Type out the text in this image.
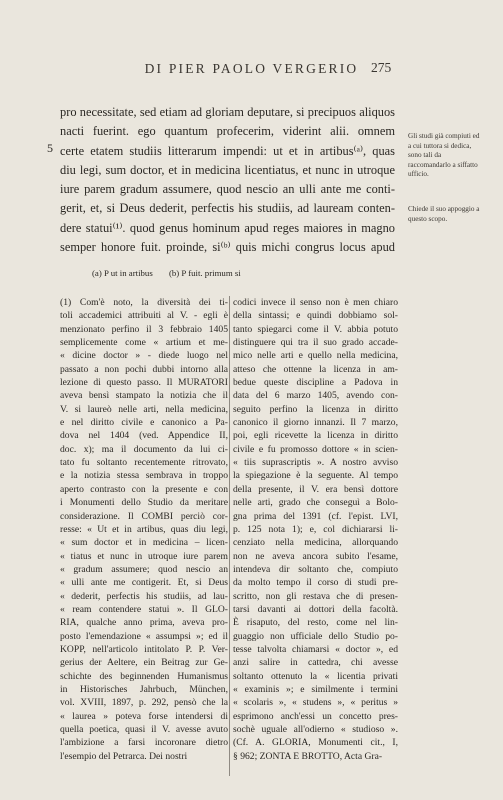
DI PIER PAOLO VERGERIO 275
5
pro necessitate, sed etiam ad gloriam deputare, si precipuos aliquos
nacti fuerint. ego quantum profecerim, viderint alii. omnem
certe etatem studiis litterarum impendi: ut et in artibus⁽ᵃ⁾, quas
diu legi, sum doctor, et in medicina licentiatus, et nunc in utroque
iure parem gradum assumere, quod nescio an ulli ante me conti-
gerit, et, si Deus dederit, perfectis his studiis, ad lauream conten-
dere statui⁽¹⁾. quod genus hominum apud reges maiores in magno
semper honore fuit. proinde, si⁽ᵇ⁾ quis michi congrus locus apud
Gli studi già compiuti ed a cui tuttora si dedica, sono tali da raccomandarlo a siffatto ufficio.
Chiede il suo appoggio a questo scopo.
(a) P ut in artibus (b) P fuit. primum si
(1) Com'è noto, la diversità dei ti-
toli accademici attribuiti al V. - egli è
menzionato perfino il 3 febbraio 1405
semplicemente come « artium et me-
« dicine doctor » - diede luogo nel
passato a non pochi dubbi intorno alla
lezione di questo passo. Il MURATORI
aveva bensì stampato la notizia che il
V. si laureò nelle arti, nella medicina,
e nel diritto civile e canonico a Pa-
dova nel 1404 (ved. Appendice II,
doc. x); ma il documento da lui ci-
tato fu soltanto recentemente ritrovato,
e la notizia stessa sembrava in troppo
aperto contrasto con la presente e con
i Monumenti dello Studio da meritare
considerazione. Il COMBI perciò cor-
resse: « Ut et in artibus, quas diu legi,
« sum doctor et in medicina – licen-
« tiatus et nunc in utroque iure parem
« gradum assumere; quod nescio an
« ulli ante me contigerit. Et, si Deus
« dederit, perfectis his studiis, ad lau-
« ream contendere statui ». Il GLO-
RIA, qualche anno prima, aveva pro-
posto l'emendazione « assumpsi »; ed il
KOPP, nell'articolo intitolato P. P. Ver-
gerius der Aeltere, ein Beitrag zur Ge-
schichte des beginnenden Humanismus
in Historisches Jahrbuch, München,
vol. XVIII, 1897, p. 292, pensò che la
« laurea » poteva forse intendersi di
quella poetica, quasi il V. avesse avuto
l'ambizione a farsi incoronare dietro
l'esempio del Petrarca. Dei nostri
codici invece il senso non è men chiaro
della sintassi; e quindi dobbiamo sol-
tanto spiegarci come il V. abbia potuto
distinguere qui tra il suo grado accade-
mico nelle arti e quello nella medicina,
atteso che ottenne la licenza in am-
bedue queste discipline a Padova in
data del 6 marzo 1405, avendo con-
seguito perfino la licenza in diritto
canonico il giorno innanzi. Il 7 marzo,
poi, egli ricevette la licenza in diritto
civile e fu promosso dottore « in scien-
« tiis suprascriptis ». A nostro avviso
la spiegazione è la seguente. Al tempo
della presente, il V. era bensì dottore
nelle arti, grado che conseguì a Bolo-
gna prima del 1391 (cf. l'epist. LVI,
p. 125 nota 1); e, col dichiararsi li-
cenziato nella medicina, allorquando
non ne aveva ancora subito l'esame,
intendeva dir soltanto che, compiuto
da molto tempo il corso di studi pre-
scritto, non gli restava che di presen-
tarsi davanti ai dottori della facoltà.
È risaputo, del resto, come nel lin-
guaggio non ufficiale dello Studio po-
tesse talvolta chiamarsi « doctor », ed
anzi salire in cattedra, chi avesse
soltanto ottenuto la « licentia privati
« examinis »; e similmente i termini
« scolaris », « studens », « peritus »
esprimono anch'essi un concetto pres-
sochè uguale all'odierno « studioso ».
(Cf. A. GLORIA, Monumenti cit., I,
§ 962; ZONTA E BROTTO, Acta Gra-
